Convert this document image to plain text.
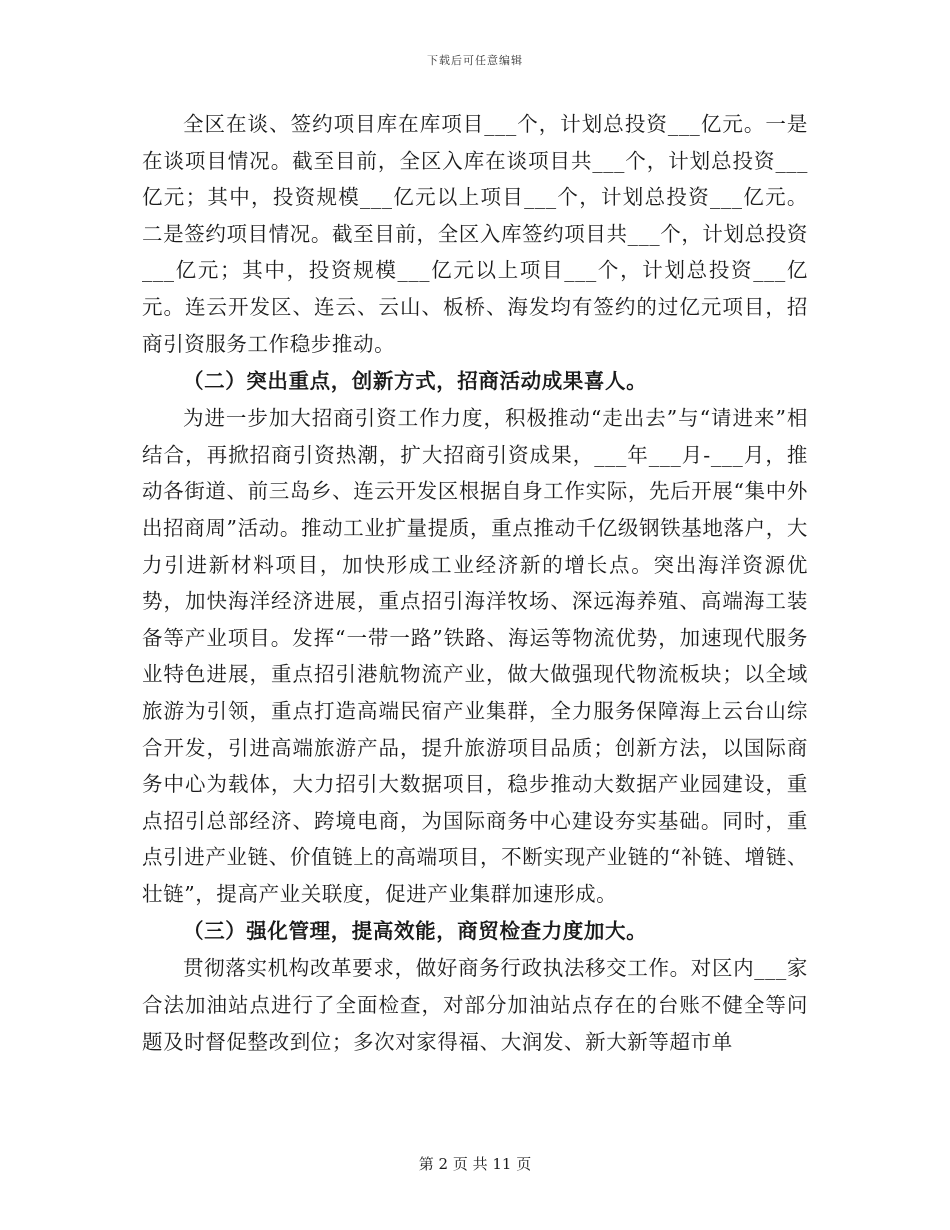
下载后可任意编辑

全区在谈、签约项目库在库项目___个，计划总投资___亿元。一是在谈项目情况。截至目前，全区入库在谈项目共___个，计划总投资___亿元；其中，投资规模___亿元以上项目___个，计划总投资___亿元。二是签约项目情况。截至目前，全区入库签约项目共___个，计划总投资___亿元；其中，投资规模___亿元以上项目___个，计划总投资___亿元。连云开发区、连云、云山、板桥、海发均有签约的过亿元项目，招商引资服务工作稳步推动。

（二）突出重点，创新方式，招商活动成果喜人。

为进一步加大招商引资工作力度，积极推动“走出去”与“请进来”相结合，再掀招商引资热潮，扩大招商引资成果，___年___月-___月，推动各街道、前三岛乡、连云开发区根据自身工作实际，先后开展“集中外出招商周”活动。推动工业扩量提质，重点推动千亿级钢铁基地落户，大力引进新材料项目，加快形成工业经济新的增长点。突出海洋资源优势，加快海洋经济进展，重点招引海洋牧场、深远海养殖、高端海工装备等产业项目。发挥“一带一路”铁路、海运等物流优势，加速现代服务业特色进展，重点招引港航物流产业，做大做强现代物流板块；以全域旅游为引领，重点打造高端民宿产业集群，全力服务保障海上云台山综合开发，引进高端旅游产品，提升旅游项目品质；创新方法，以国际商务中心为载体，大力招引大数据项目，稳步推动大数据产业园建设，重点招引总部经济、跨境电商，为国际商务中心建设夯实基础。同时，重点引进产业链、价值链上的高端项目，不断实现产业链的“补链、增链、壮链”，提高产业关联度，促进产业集群加速形成。

（三）强化管理，提高效能，商贸检查力度加大。

贯彻落实机构改革要求，做好商务行政执法移交工作。对区内___家合法加油站点进行了全面检查，对部分加油站点存在的台账不健全等问题及时督促整改到位；多次对家得福、大润发、新大新等超市单

第 2 页 共 11 页
